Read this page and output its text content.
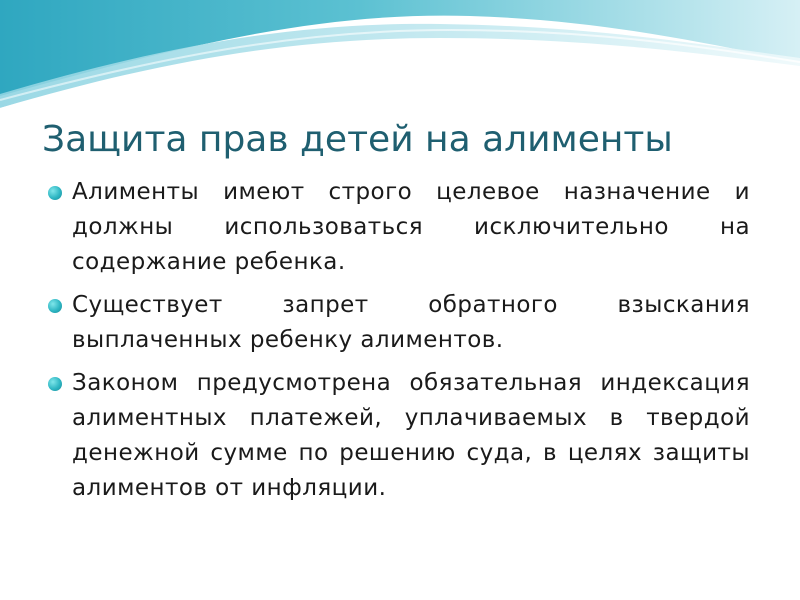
Защита прав детей на алименты
Алименты имеют строго целевое назначение и должны использоваться исключительно на содержание ребенка.
Существует запрет обратного взыскания выплаченных ребенку алиментов.
Законом предусмотрена обязательная индексация алиментных платежей, уплачиваемых в твердой денежной сумме по решению суда, в целях защиты алиментов от инфляции.
